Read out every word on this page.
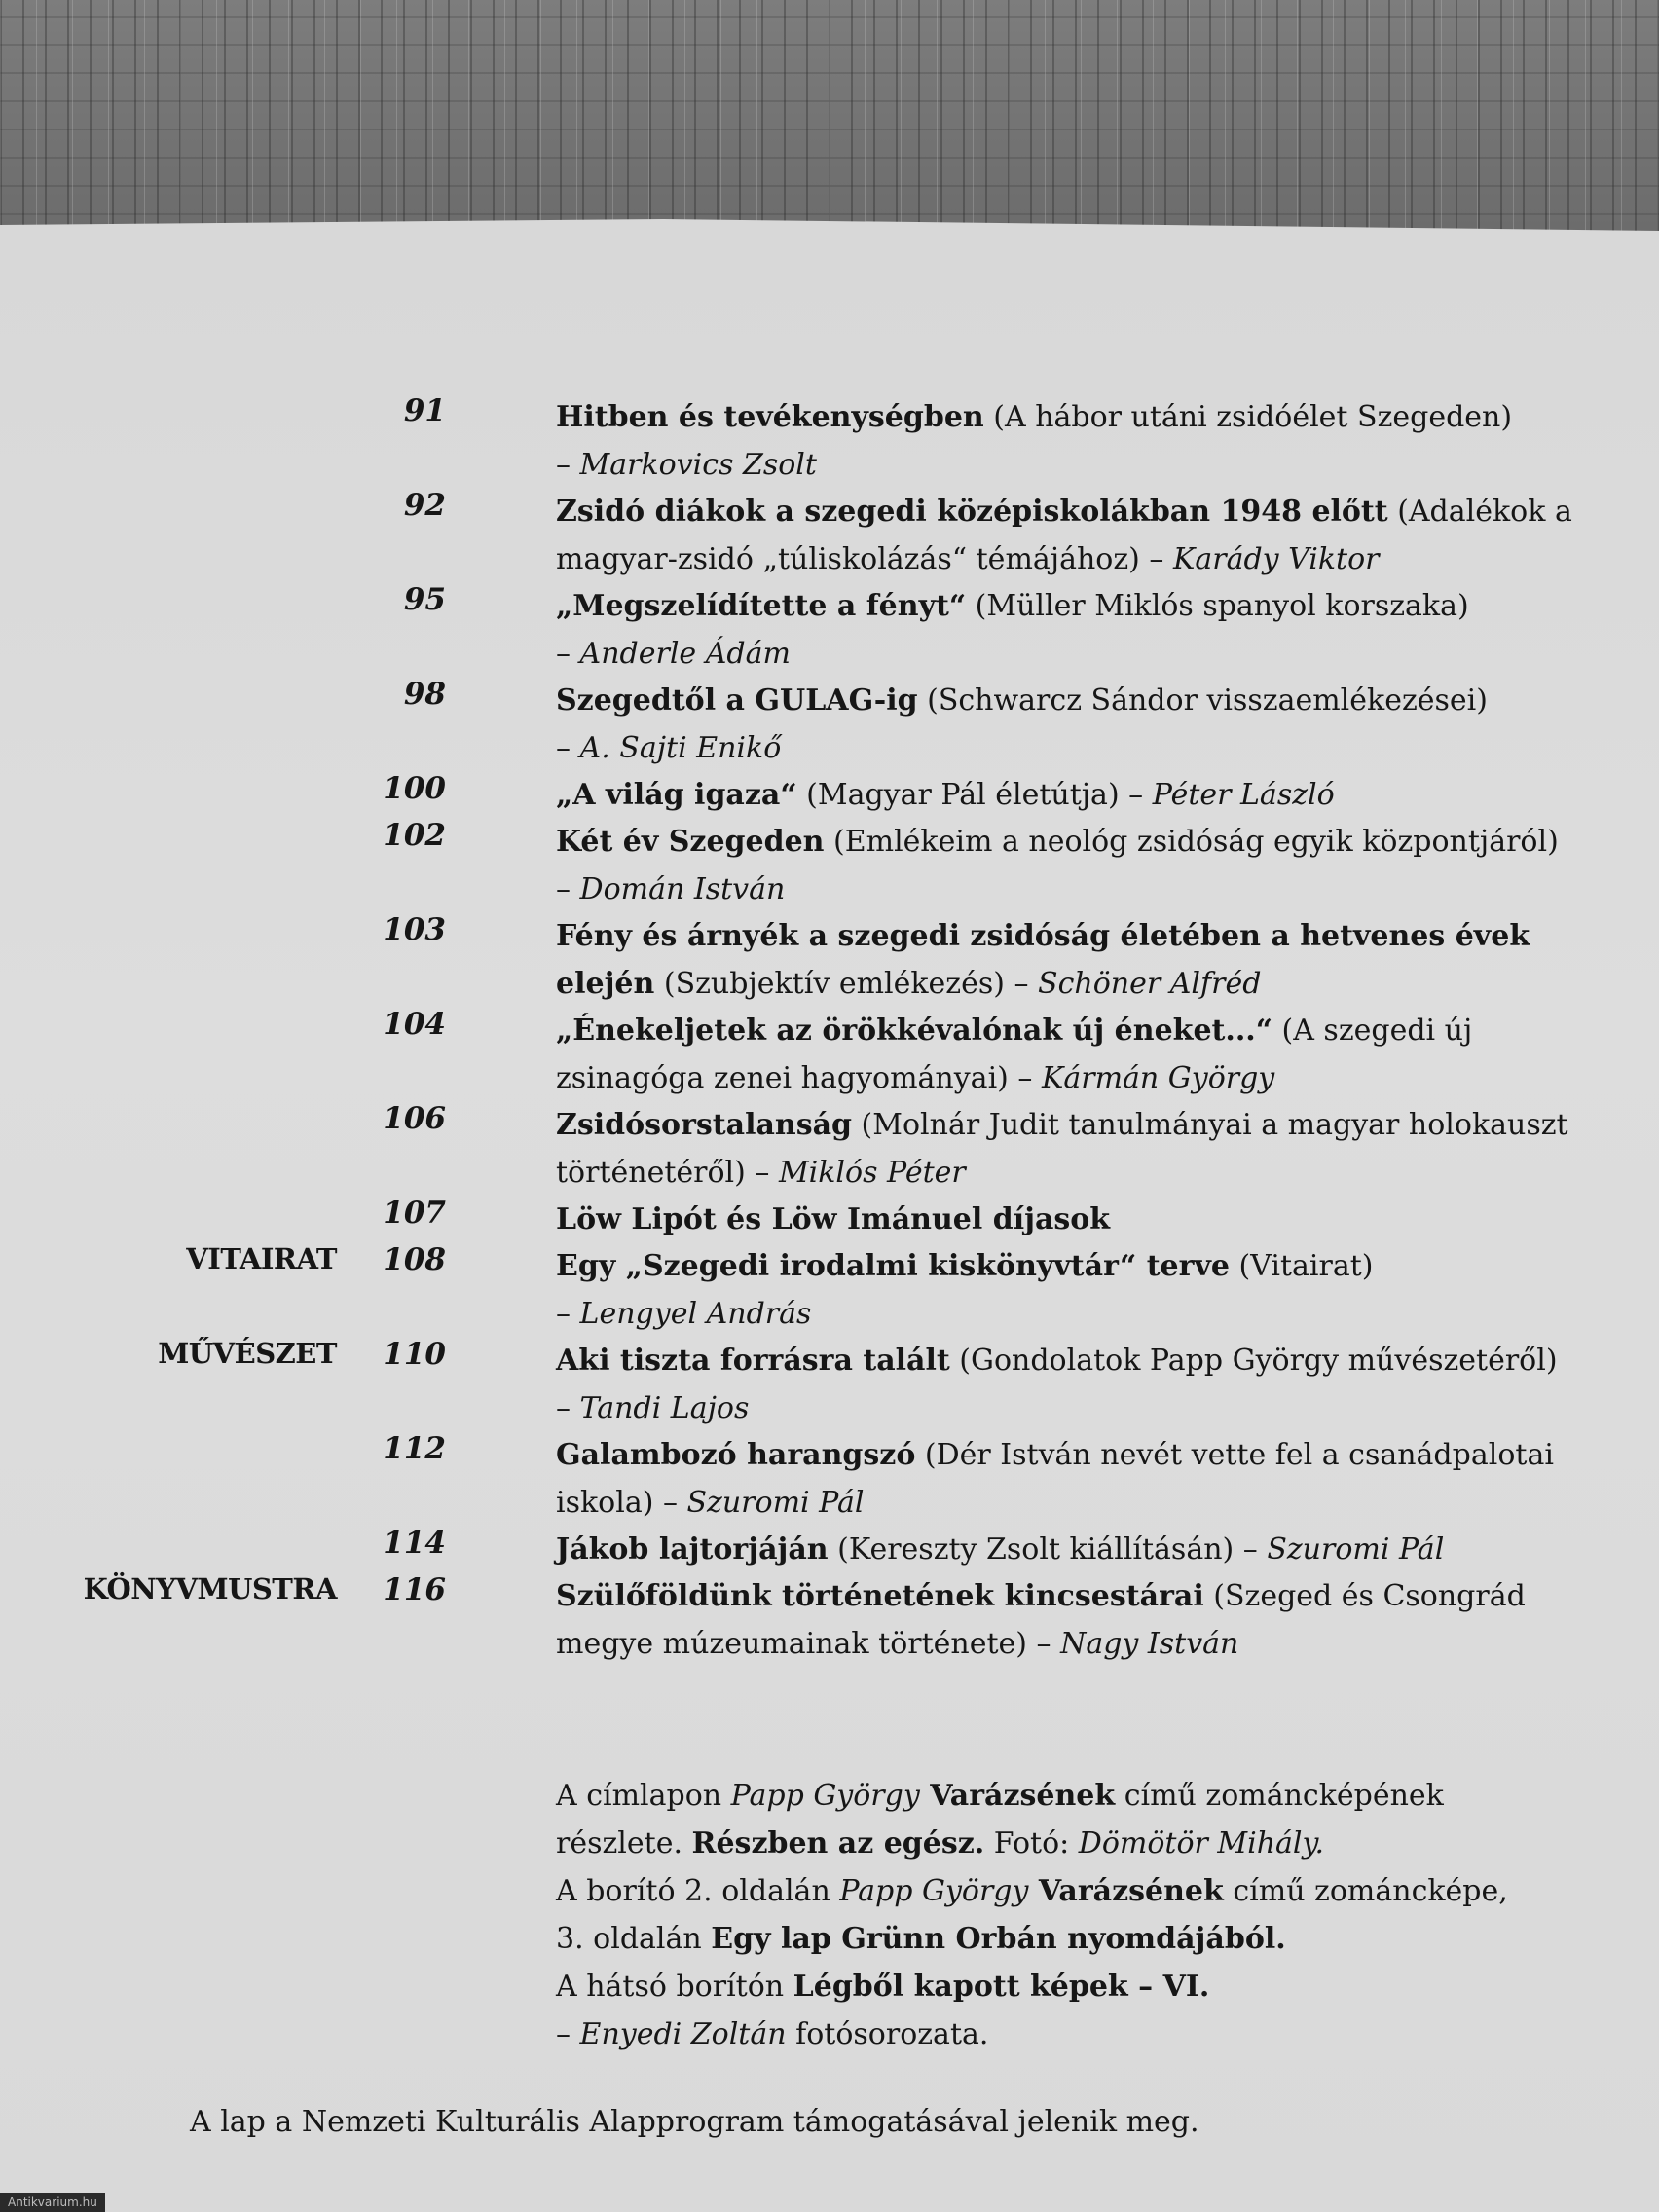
91	Hitben és tevékenységben (A hábor utáni zsidóélet Szegeden)
– Markovics Zsolt
92	Zsidó diákok a szegedi középiskolákban 1948 előtt (Adalékok a
magyar-zsidó „túliskolázás“ témájához) – Karády Viktor
95	„Megszelídítette a fényt“ (Müller Miklós spanyol korszaka)
– Anderle Ádám
98	Szegedtől a GULAG-ig (Schwarcz Sándor visszaemlékezései)
– A. Sajti Enikő
100	„A világ igaza“ (Magyar Pál életútja) – Péter László
102	Két év Szegeden (Emlékeim a neológ zsidóság egyik központjáról)
– Domán István
103	Fény és árnyék a szegedi zsidóság életében a hetvenes évek
elején (Szubjektív emlékezés) – Schöner Alfréd
104	„Énekeljetek az örökkévalónak új éneket...“ (A szegedi új
zsinagóga zenei hagyományai) – Kármán György
106	Zsidósorstalanság (Molnár Judit tanulmányai a magyar holokauszt
történetéről) – Miklós Péter
107	Löw Lipót és Löw Imánuel díjasok
VITAIRAT 108	Egy „Szegedi irodalmi kiskönyvtár“ terve (Vitairat)
– Lengyel András
MŰVÉSZET 110	Aki tiszta forrásra talált (Gondolatok Papp György művészetéről)
– Tandi Lajos
112	Galambozó harangszó (Dér István nevét vette fel a csanádpalotai
iskola) – Szuromi Pál
114	Jákob lajtorjáján (Kereszty Zsolt kiállításán) – Szuromi Pál
KÖNYVMUSTRA 116	Szülőföldünk történetének kincsestárai (Szeged és Csongrád
megye múzeumainak története) – Nagy István
A címlapon Papp György Varázsének című zománcképének
részlete. Részben az egész. Fotó: Dömötör Mihály.
A borító 2. oldalán Papp György Varázsének című zománcképe,
3. oldalán Egy lap Grünn Orbán nyomdájából.
A hátsó borítón Légből kapott képek – VI.
– Enyedi Zoltán fotósorozata.
A lap a Nemzeti Kulturális Alapprogram támogatásával jelenik meg.
Antikvarium.hu
